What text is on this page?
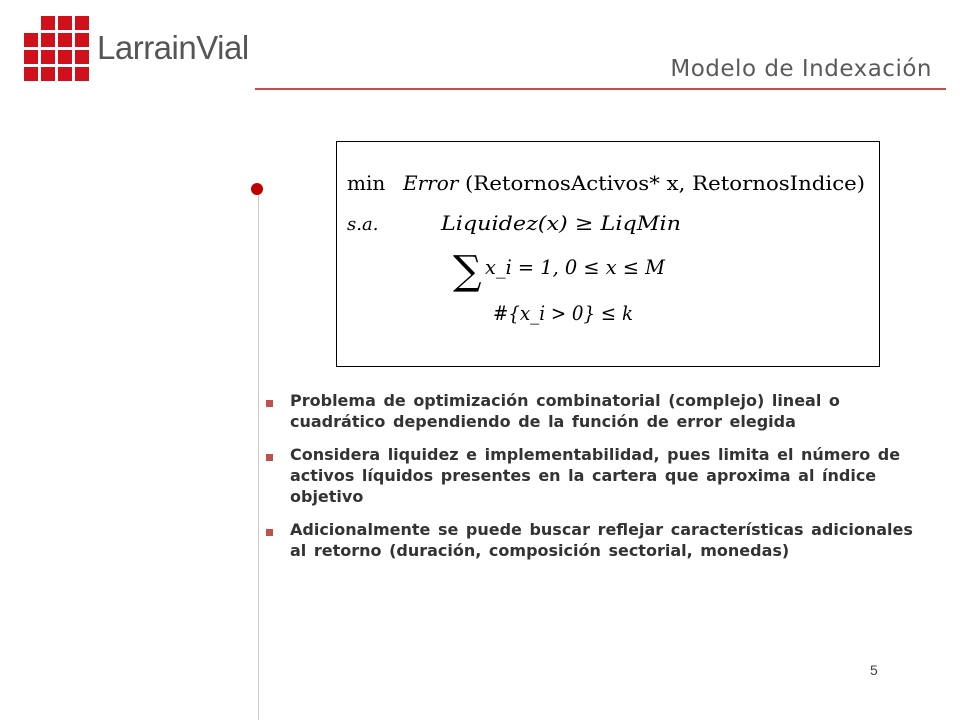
LarrainVial
Modelo de Indexación
min Error (RetornosActivos* x, RetornosIndice)
s.a.	Liquidez(x) ≥ LiqMin
∑ x_i = 1, 0 ≤ x ≤ M
#{x_i > 0} ≤ k
Problema de optimización combinatorial (complejo) lineal o cuadrático dependiendo de la función de error elegida
Considera liquidez e implementabilidad, pues limita el número de activos líquidos presentes en la cartera que aproxima al índice objetivo
Adicionalmente se puede buscar reflejar características adicionales al retorno (duración, composición sectorial, monedas)
5
